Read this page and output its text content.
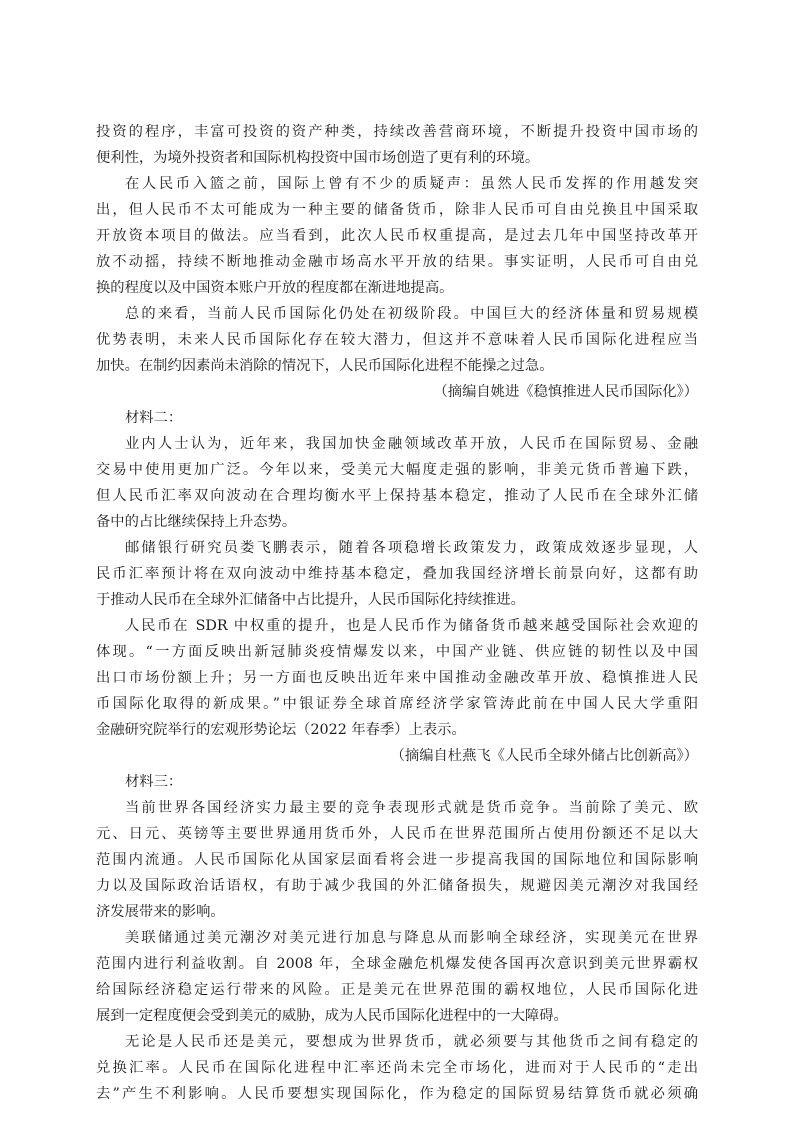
投资的程序，丰富可投资的资产种类，持续改善营商环境，不断提升投资中国市场的
便利性，为境外投资者和国际机构投资中国市场创造了更有利的环境。
在人民币入篮之前，国际上曾有不少的质疑声：虽然人民币发挥的作用越发突
出，但人民币不太可能成为一种主要的储备货币，除非人民币可自由兑换且中国采取
开放资本项目的做法。应当看到，此次人民币权重提高，是过去几年中国坚持改革开
放不动摇，持续不断地推动金融市场高水平开放的结果。事实证明，人民币可自由兑
换的程度以及中国资本账户开放的程度都在渐进地提高。
总的来看，当前人民币国际化仍处在初级阶段。中国巨大的经济体量和贸易规模
优势表明，未来人民币国际化存在较大潜力，但这并不意味着人民币国际化进程应当
加快。在制约因素尚未消除的情况下，人民币国际化进程不能操之过急。
（摘编自姚进《稳慎推进人民币国际化》）
材料二：
业内人士认为，近年来，我国加快金融领域改革开放，人民币在国际贸易、金融
交易中使用更加广泛。今年以来，受美元大幅度走强的影响，非美元货币普遍下跌，
但人民币汇率双向波动在合理均衡水平上保持基本稳定，推动了人民币在全球外汇储
备中的占比继续保持上升态势。
邮储银行研究员娄飞鹏表示，随着各项稳增长政策发力，政策成效逐步显现，人
民币汇率预计将在双向波动中维持基本稳定，叠加我国经济增长前景向好，这都有助
于推动人民币在全球外汇储备中占比提升，人民币国际化持续推进。
人民币在 SDR 中权重的提升，也是人民币作为储备货币越来越受国际社会欢迎的
体现。“一方面反映出新冠肺炎疫情爆发以来，中国产业链、供应链的韧性以及中国
出口市场份额上升；另一方面也反映出近年来中国推动金融改革开放、稳慎推进人民
币国际化取得的新成果。”中银证券全球首席经济学家管涛此前在中国人民大学重阳
金融研究院举行的宏观形势论坛（2022 年春季）上表示。
（摘编自杜燕飞《人民币全球外储占比创新高》）
材料三：
当前世界各国经济实力最主要的竞争表现形式就是货币竞争。当前除了美元、欧
元、日元、英镑等主要世界通用货币外，人民币在世界范围所占使用份额还不足以大
范围内流通。人民币国际化从国家层面看将会进一步提高我国的国际地位和国际影响
力以及国际政治话语权，有助于减少我国的外汇储备损失，规避因美元潮汐对我国经
济发展带来的影响。
美联储通过美元潮汐对美元进行加息与降息从而影响全球经济，实现美元在世界
范围内进行利益收割。自 2008 年，全球金融危机爆发使各国再次意识到美元世界霸权
给国际经济稳定运行带来的风险。正是美元在世界范围的霸权地位，人民币国际化进
展到一定程度便会受到美元的威胁，成为人民币国际化进程中的一大障碍。
无论是人民币还是美元，要想成为世界货币，就必须要与其他货币之间有稳定的
兑换汇率。人民币在国际化进程中汇率还尚未完全市场化，进而对于人民币的“走出
去”产生不利影响。人民币要想实现国际化，作为稳定的国际贸易结算货币就必须确
